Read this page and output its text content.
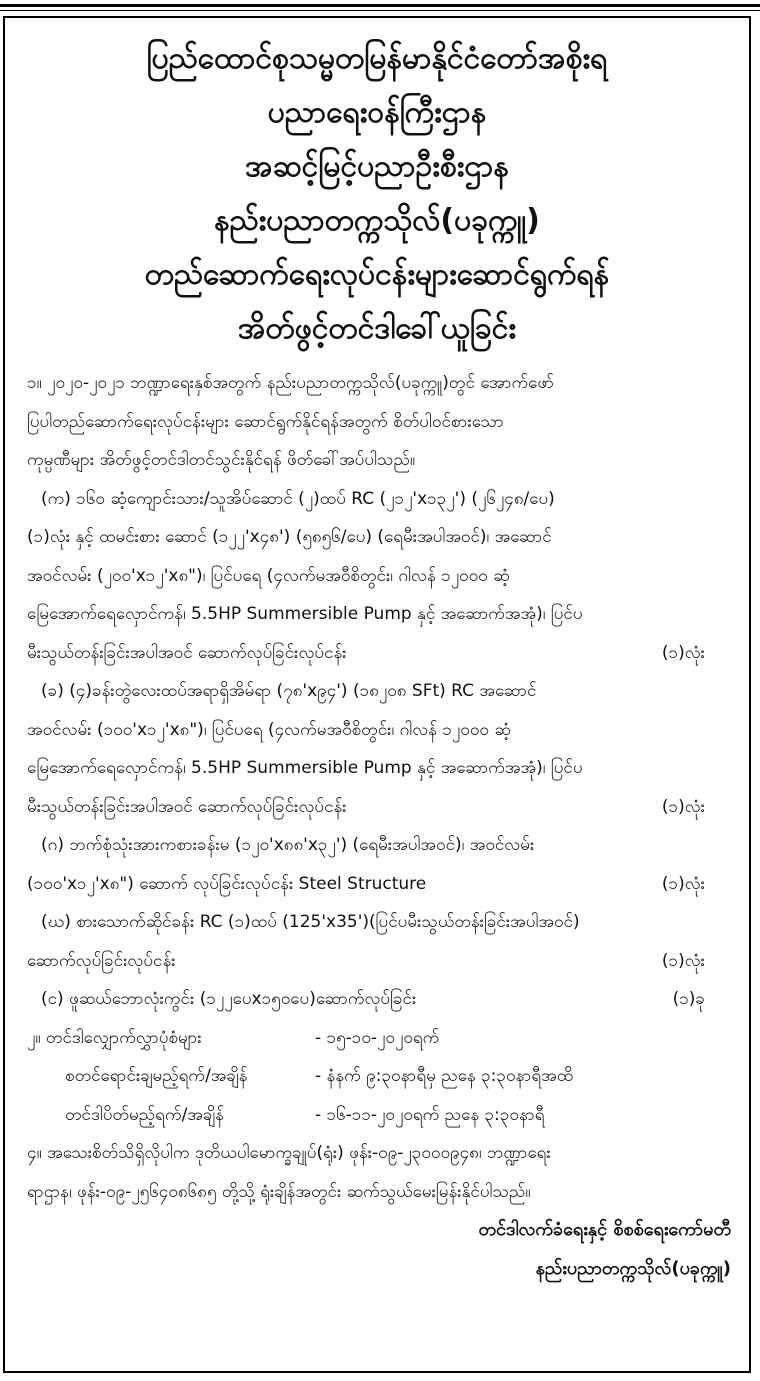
ပြည်ထောင်စုသမ္မတမြန်မာနိုင်ငံတော်အစိုးရ
ပညာရေးဝန်ကြီးဌာန
အဆင့်မြင့်ပညာဦးစီးဌာန
နည်းပညာတက္ကသိုလ်(ပခုက္ကူ)
တည်ဆောက်ရေးလုပ်ငန်းများဆောင်ရွက်ရန်
အိတ်ဖွင့်တင်ဒါခေါ်ယူခြင်း
၁။ ၂၀၂၀-၂၀၂၁ ဘဏ္ဍာရေးနှစ်အတွက် နည်းပညာတက္ကသိုလ်(ပခုက္ကူ)တွင် အောက်ဖော်
ပြပါတည်ဆောက်ရေးလုပ်ငန်းများ ဆောင်ရွက်နိုင်ရန်အတွက် စိတ်ပါဝင်စားသော
ကုမ္ပဏီများ အိတ်ဖွင့်တင်ဒါတင်သွင်းနိုင်ရန် ဖိတ်ခေါ်အပ်ပါသည်။
(က) ၁၆၀ ဆံ့ကျောင်းသား/သူအိပ်ဆောင် (၂)ထပ် RC (၂၁၂'x၁၃၂') (၂၆၂၄၈/ပေ)
(၁)လုံး နှင့် ထမင်းစား ဆောင် (၁၂၂'x၄၈') (၅၈၅၆/ပေ) (ရေမီးအပါအဝင်)၊ အဆောင်
အဝင်လမ်း (၂၀၀'x၁၂'x၈")၊ ပြင်ပရေ (၄လက်မအဝီစိတွင်း၊ ဂါလန် ၁၂၀၀၀ ဆံ့
မြေအောက်ရေလှောင်ကန်၊ 5.5HP Summersible Pump နှင့် အဆောက်အအုံ)၊ ပြင်ပ
မီးသွယ်တန်းခြင်းအပါအဝင် ဆောက်လုပ်ခြင်းလုပ်ငန်း	(၁)လုံး
(ခ) (၄)ခန်းတွဲလေးထပ်အရာရှိအိမ်ရာ (၇၈'x၉၄') (၁၈၂၀၈ SFt) RC အဆောင်
အဝင်လမ်း (၁၀၀'x၁၂'x၈")၊ ပြင်ပရေ (၄လက်မအဝီစိတွင်း၊ ဂါလန် ၁၂၀၀၀ ဆံ့
မြေအောက်ရေလှောင်ကန်၊ 5.5HP Summersible Pump နှင့် အဆောက်အအုံ)၊ ပြင်ပ
မီးသွယ်တန်းခြင်းအပါအဝင် ဆောက်လုပ်ခြင်းလုပ်ငန်း	(၁)လုံး
(ဂ) ဘက်စုံသုံးအားကစားခန်းမ (၁၂၀'x၈၈'x၃၂') (ရေမီးအပါအဝင်)၊ အဝင်လမ်း
(၁၀၀'x၁၂'x၈") ဆောက် လုပ်ခြင်းလုပ်ငန်း Steel Structure	(၁)လုံး
(ဃ) စားသောက်ဆိုင်ခန်း RC (၁)ထပ် (125'x35')(ပြင်ပမီးသွယ်တန်းခြင်းအပါအဝင်)
ဆောက်လုပ်ခြင်းလုပ်ငန်း	(၁)လုံး
(င) ဖူဆယ်ဘောလုံးကွင်း (၁၂၂ပေx၁၅၀ပေ)ဆောက်လုပ်ခြင်း	(၁)ခု
၂။ တင်ဒါလျှောက်လွှာပုံစံများ	- ၁၅-၁၀-၂၀၂၀ရက်
စတင်ရောင်းချမည့်ရက်/အချိန်	- နံနက် ၉:၃၀နာရီမှ ညနေ ၃:၃၀နာရီအထိ
တင်ဒါပိတ်မည့်ရက်/အချိန်	- ၁၆-၁၁-၂၀၂၀ရက် ညနေ ၃:၃၀နာရီ
၄။ အသေးစိတ်သိရှိလိုပါက ဒုတိယပါမောက္ခချုပ်(ရုံး) ဖုန်း-၀၉-၂၃၀၀၀၉၄၈၊ ဘဏ္ဍာရေး
ရာဌာန၊ ဖုန်း-၀၉-၂၅၆၄၀၈၆၈၅ တို့သို့ ရုံးချိန်အတွင်း ဆက်သွယ်မေးမြန်းနိုင်ပါသည်။
တင်ဒါလက်ခံရေးနှင့် စိစစ်ရေးကော်မတီ
နည်းပညာတက္ကသိုလ်(ပခုက္ကူ)
